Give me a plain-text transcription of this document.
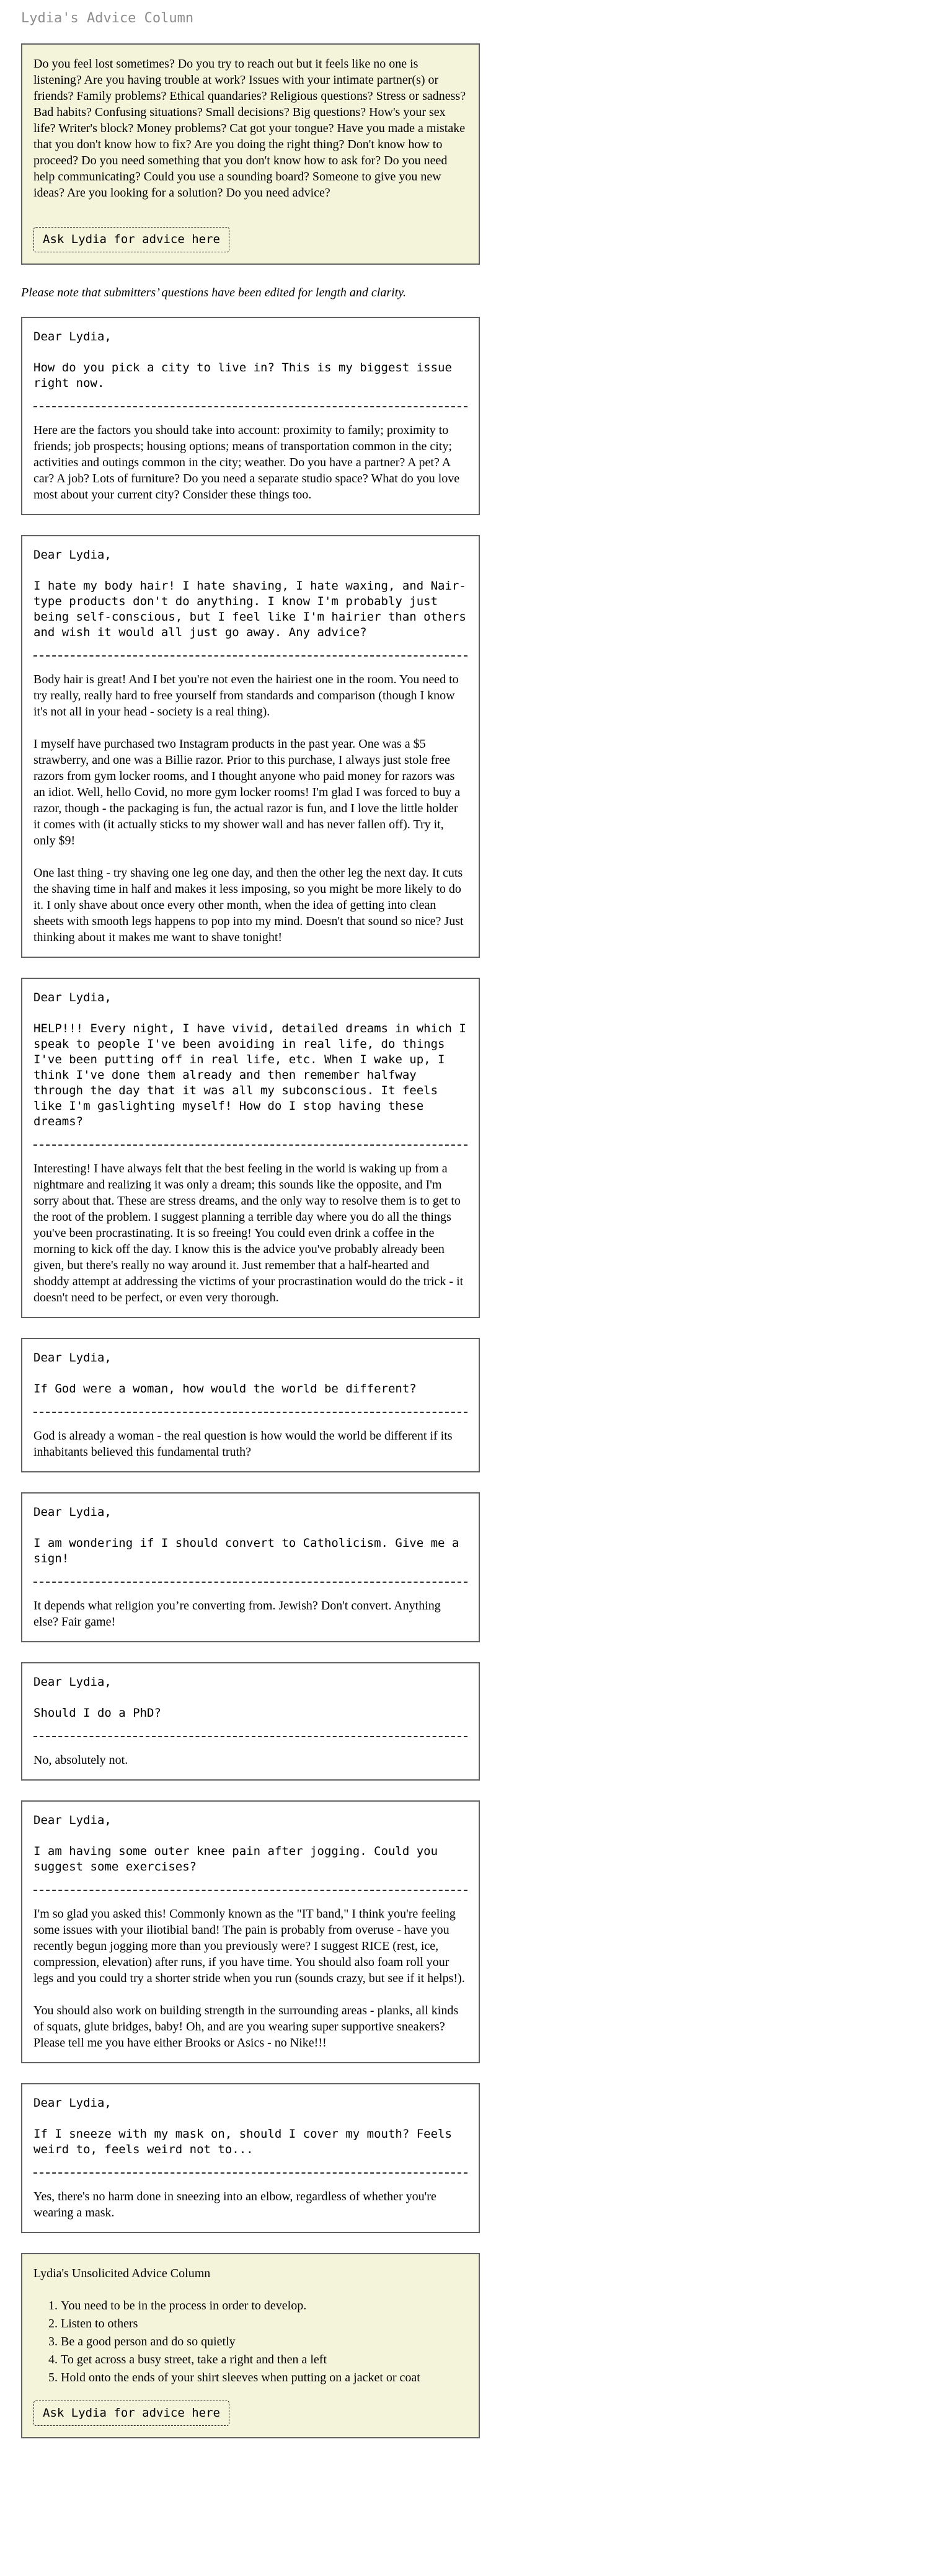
Lydia's Advice Column

Do you feel lost sometimes? Do you try to reach out but it feels like no one is listening? Are you having trouble at work? Issues with your intimate partner(s) or friends? Family problems? Ethical quandaries? Religious questions? Stress or sadness? Bad habits? Confusing situations? Small decisions? Big questions? How's your sex life? Writer's block? Money problems? Cat got your tongue? Have you made a mistake that you don't know how to fix? Are you doing the right thing? Don't know how to proceed? Do you need something that you don't know how to ask for? Do you need help communicating? Could you use a sounding board? Someone to give you new ideas? Are you looking for a solution? Do you need advice?

Ask Lydia for advice here

Please note that submitters’ questions have been edited for length and clarity.

Dear Lydia,

How do you pick a city to live in? This is my biggest issue right now.

Here are the factors you should take into account: proximity to family; proximity to friends; job prospects; housing options; means of transportation common in the city; activities and outings common in the city; weather. Do you have a partner? A pet? A car? A job? Lots of furniture? Do you need a separate studio space? What do you love most about your current city? Consider these things too.

Dear Lydia,

I hate my body hair! I hate shaving, I hate waxing, and Nair-type products don't do anything. I know I'm probably just being self-conscious, but I feel like I'm hairier than others and wish it would all just go away. Any advice?

Body hair is great! And I bet you're not even the hairiest one in the room. You need to try really, really hard to free yourself from standards and comparison (though I know it's not all in your head - society is a real thing).

I myself have purchased two Instagram products in the past year. One was a $5 strawberry, and one was a Billie razor. Prior to this purchase, I always just stole free razors from gym locker rooms, and I thought anyone who paid money for razors was an idiot. Well, hello Covid, no more gym locker rooms! I'm glad I was forced to buy a razor, though - the packaging is fun, the actual razor is fun, and I love the little holder it comes with (it actually sticks to my shower wall and has never fallen off). Try it, only $9!

One last thing - try shaving one leg one day, and then the other leg the next day. It cuts the shaving time in half and makes it less imposing, so you might be more likely to do it. I only shave about once every other month, when the idea of getting into clean sheets with smooth legs happens to pop into my mind. Doesn't that sound so nice? Just thinking about it makes me want to shave tonight!

Dear Lydia,

HELP!!! Every night, I have vivid, detailed dreams in which I speak to people I've been avoiding in real life, do things I've been putting off in real life, etc. When I wake up, I think I've done them already and then remember halfway through the day that it was all my subconscious. It feels like I'm gaslighting myself! How do I stop having these dreams?

Interesting! I have always felt that the best feeling in the world is waking up from a nightmare and realizing it was only a dream; this sounds like the opposite, and I'm sorry about that. These are stress dreams, and the only way to resolve them is to get to the root of the problem. I suggest planning a terrible day where you do all the things you've been procrastinating. It is so freeing! You could even drink a coffee in the morning to kick off the day. I know this is the advice you've probably already been given, but there's really no way around it. Just remember that a half-hearted and shoddy attempt at addressing the victims of your procrastination would do the trick - it doesn't need to be perfect, or even very thorough.

Dear Lydia,

If God were a woman, how would the world be different?

God is already a woman - the real question is how would the world be different if its inhabitants believed this fundamental truth?

Dear Lydia,

I am wondering if I should convert to Catholicism. Give me a sign!

It depends what religion you’re converting from. Jewish? Don't convert. Anything else? Fair game!

Dear Lydia,

Should I do a PhD?

No, absolutely not.

Dear Lydia,

I am having some outer knee pain after jogging. Could you suggest some exercises?

I'm so glad you asked this! Commonly known as the "IT band," I think you're feeling some issues with your iliotibial band! The pain is probably from overuse - have you recently begun jogging more than you previously were? I suggest RICE (rest, ice, compression, elevation) after runs, if you have time. You should also foam roll your legs and you could try a shorter stride when you run (sounds crazy, but see if it helps!).

You should also work on building strength in the surrounding areas - planks, all kinds of squats, glute bridges, baby! Oh, and are you wearing super supportive sneakers? Please tell me you have either Brooks or Asics - no Nike!!!

Dear Lydia,

If I sneeze with my mask on, should I cover my mouth? Feels weird to, feels weird not to...

Yes, there's no harm done in sneezing into an elbow, regardless of whether you're wearing a mask.

Lydia's Unsolicited Advice Column

1. You need to be in the process in order to develop.
2. Listen to others
3. Be a good person and do so quietly
4. To get across a busy street, take a right and then a left
5. Hold onto the ends of your shirt sleeves when putting on a jacket or coat
Ask Lydia for advice here
